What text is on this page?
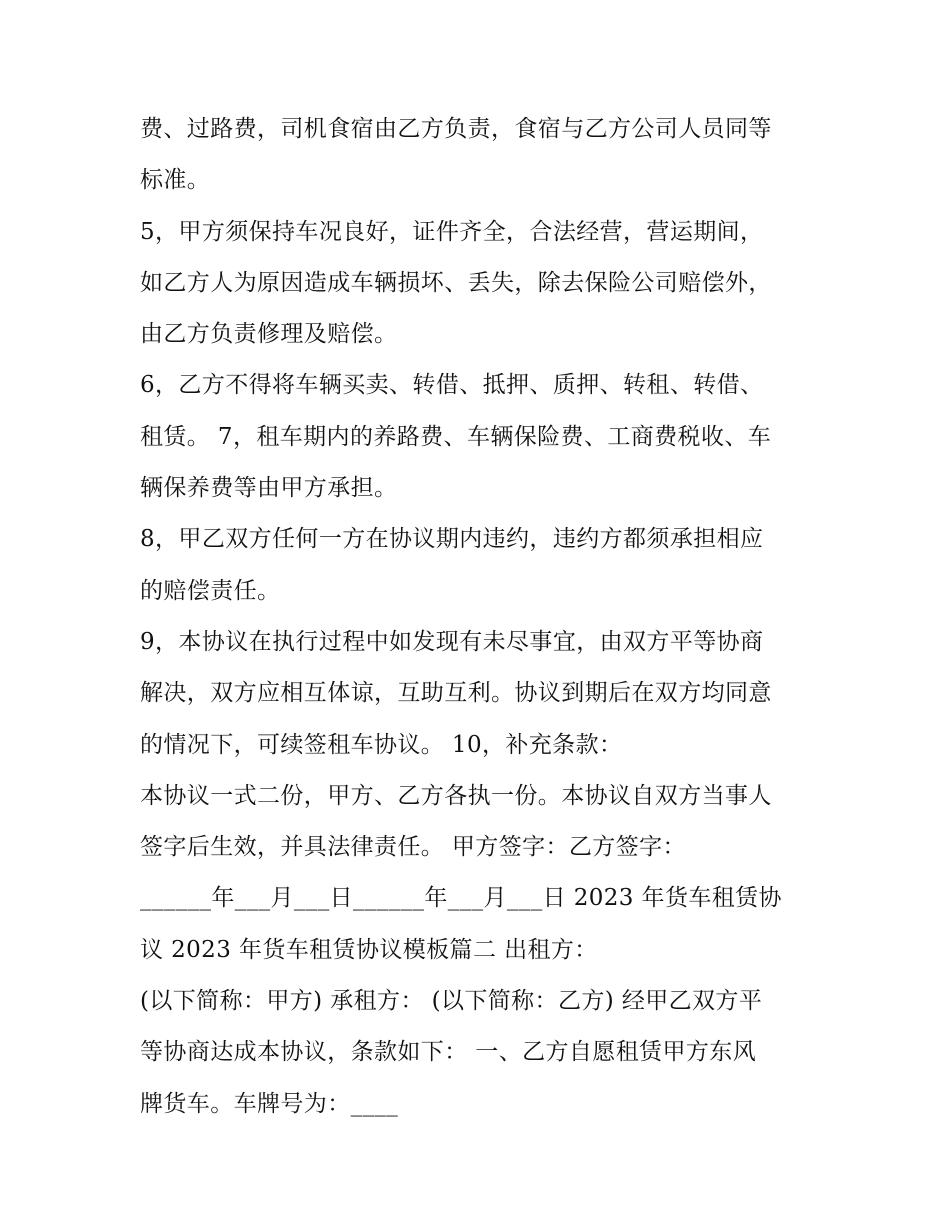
费、过路费，司机食宿由乙方负责，食宿与乙方公司人员同等
标准。
5，甲方须保持车况良好，证件齐全，合法经营，营运期间，
如乙方人为原因造成车辆损坏、丢失，除去保险公司赔偿外，
由乙方负责修理及赔偿。
6，乙方不得将车辆买卖、转借、抵押、质押、转租、转借、
租赁。 7，租车期内的养路费、车辆保险费、工商费税收、车
辆保养费等由甲方承担。
8，甲乙双方任何一方在协议期内违约，违约方都须承担相应
的赔偿责任。
9，本协议在执行过程中如发现有未尽事宜，由双方平等协商
解决，双方应相互体谅，互助互利。协议到期后在双方均同意
的情况下，可续签租车协议。 10，补充条款：
本协议一式二份，甲方、乙方各执一份。本协议自双方当事人
签字后生效，并具法律责任。 甲方签字：乙方签字：
______年___月___日______年___月___日 2023 年货车租赁协
议 2023 年货车租赁协议模板篇二 出租方：
(以下简称：甲方) 承租方： (以下简称：乙方) 经甲乙双方平
等协商达成本协议，条款如下： 一、乙方自愿租赁甲方东风
牌货车。车牌号为：____
